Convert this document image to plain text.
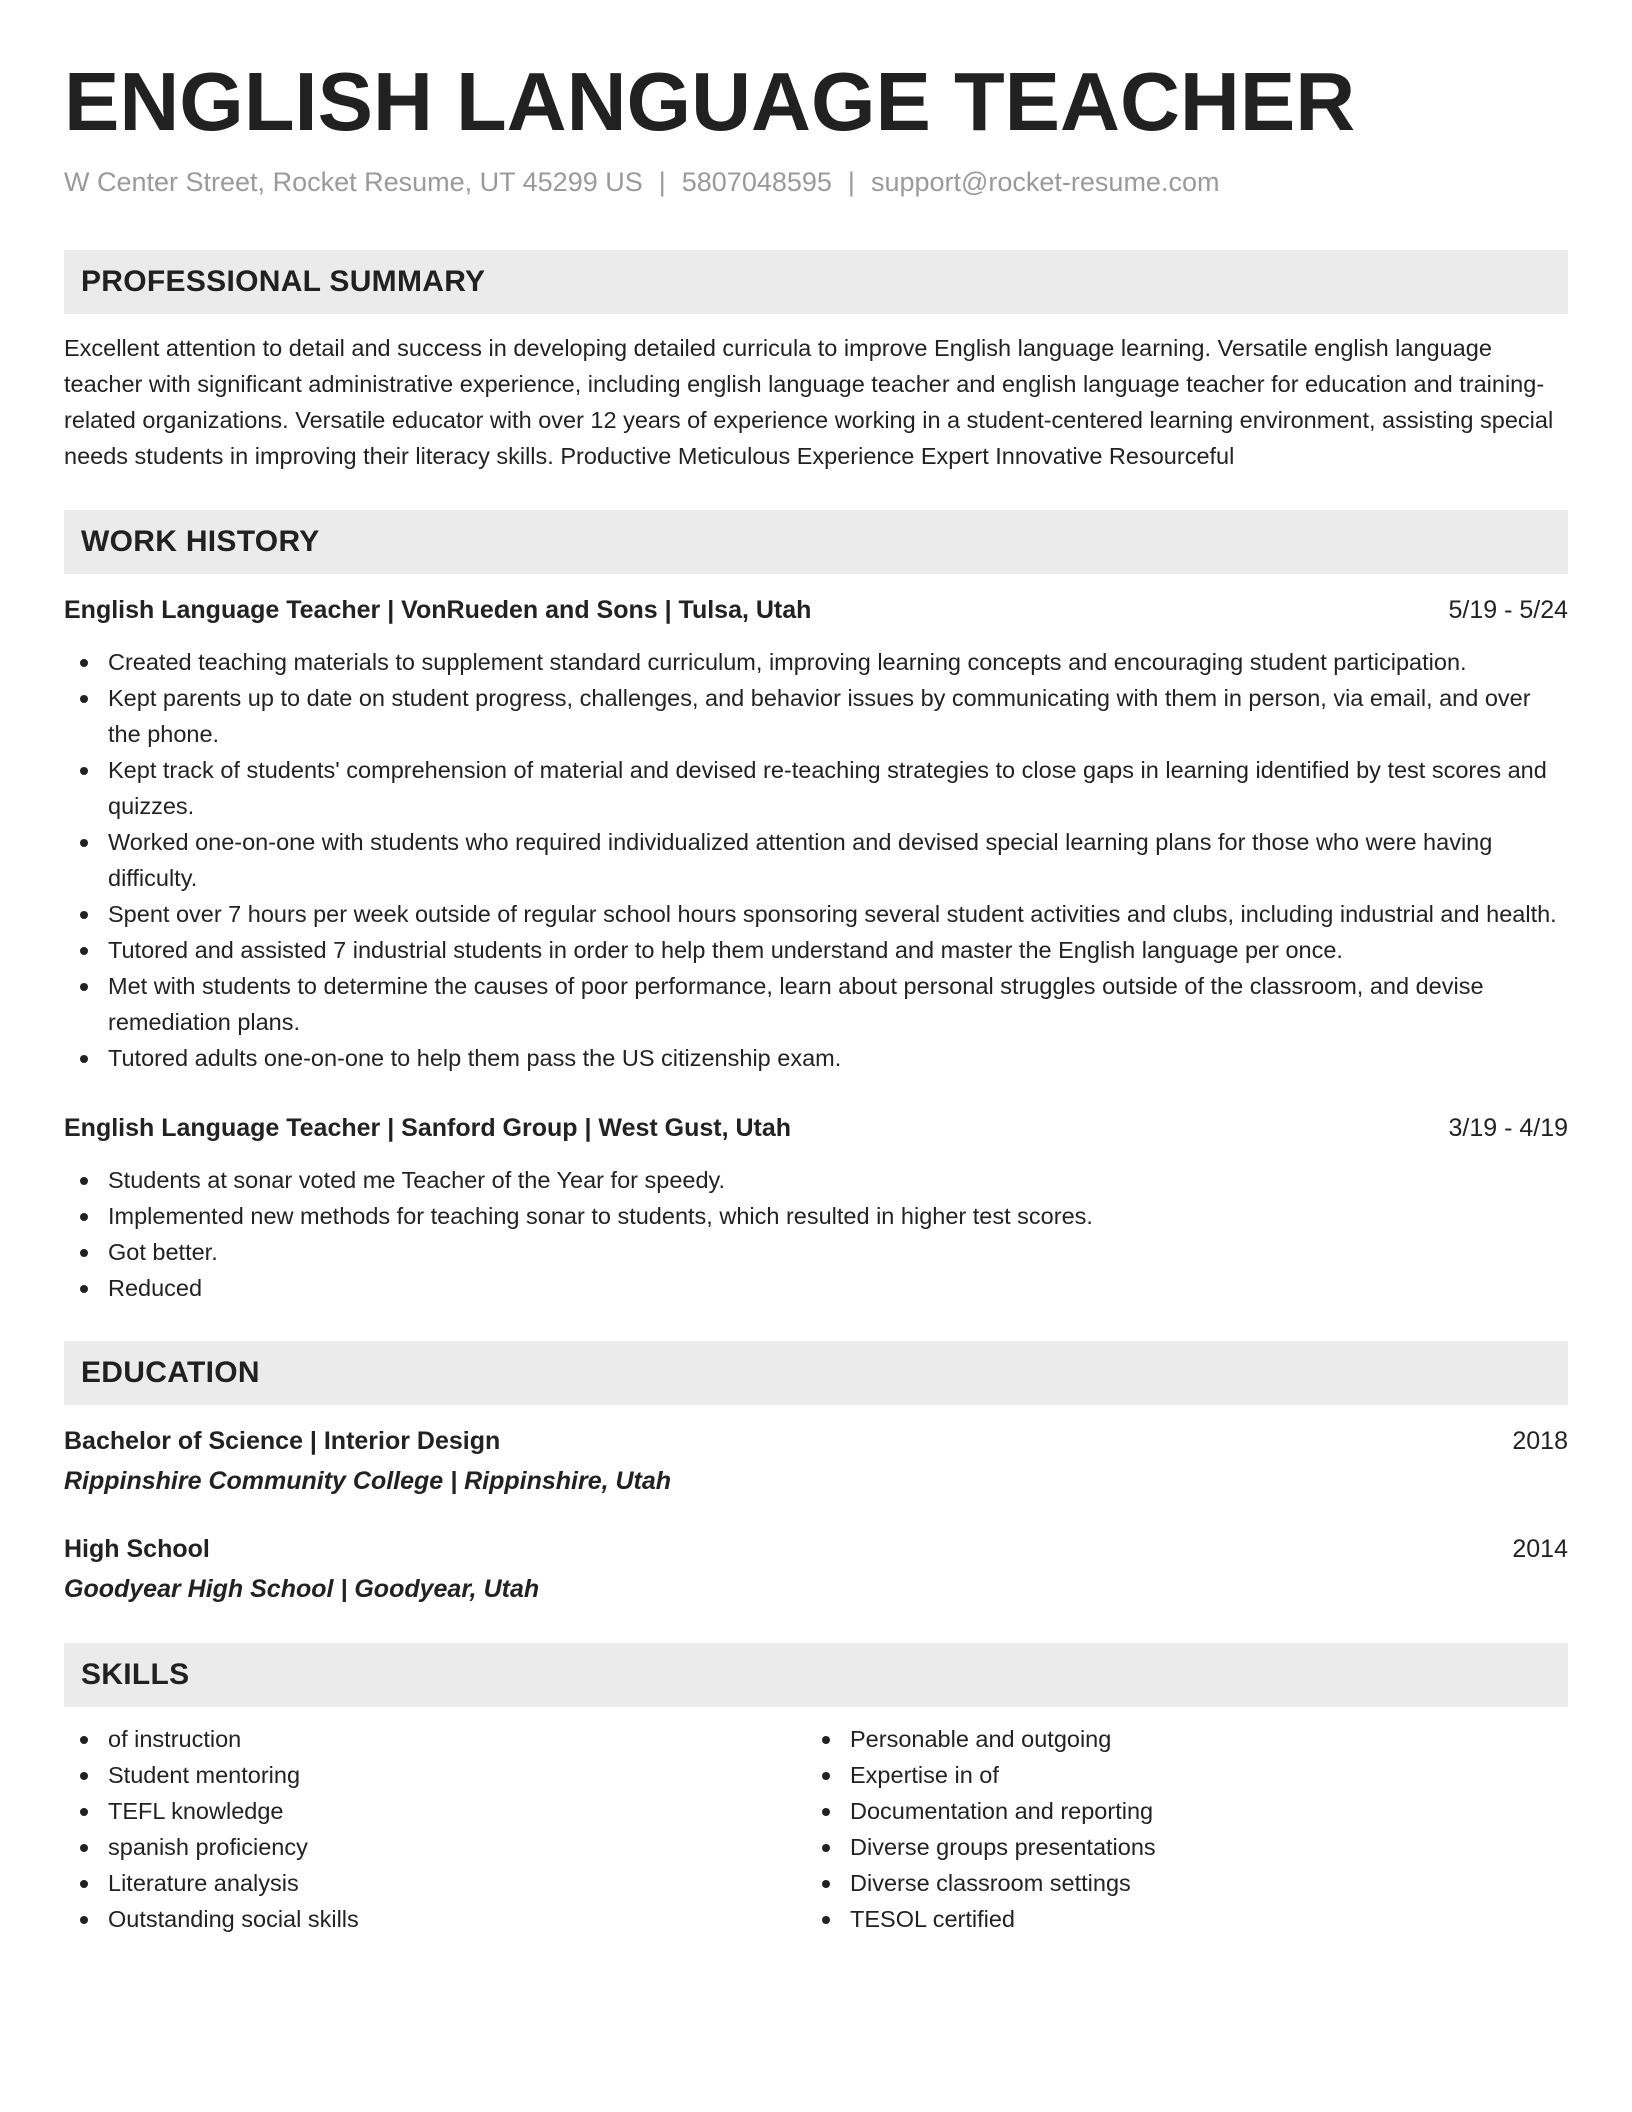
ENGLISH LANGUAGE TEACHER
W Center Street, Rocket Resume, UT 45299 US | 5807048595 | support@rocket-resume.com
PROFESSIONAL SUMMARY
Excellent attention to detail and success in developing detailed curricula to improve English language learning. Versatile english language teacher with significant administrative experience, including english language teacher and english language teacher for education and training-related organizations. Versatile educator with over 12 years of experience working in a student-centered learning environment, assisting special needs students in improving their literacy skills. Productive Meticulous Experience Expert Innovative Resourceful
WORK HISTORY
English Language Teacher | VonRueden and Sons | Tulsa, Utah	5/19 - 5/24
Created teaching materials to supplement standard curriculum, improving learning concepts and encouraging student participation.
Kept parents up to date on student progress, challenges, and behavior issues by communicating with them in person, via email, and over the phone.
Kept track of students' comprehension of material and devised re-teaching strategies to close gaps in learning identified by test scores and quizzes.
Worked one-on-one with students who required individualized attention and devised special learning plans for those who were having difficulty.
Spent over 7 hours per week outside of regular school hours sponsoring several student activities and clubs, including industrial and health.
Tutored and assisted 7 industrial students in order to help them understand and master the English language per once.
Met with students to determine the causes of poor performance, learn about personal struggles outside of the classroom, and devise remediation plans.
Tutored adults one-on-one to help them pass the US citizenship exam.
English Language Teacher | Sanford Group | West Gust, Utah	3/19 - 4/19
Students at sonar voted me Teacher of the Year for speedy.
Implemented new methods for teaching sonar to students, which resulted in higher test scores.
Got better.
Reduced
EDUCATION
Bachelor of Science | Interior Design	2018
Rippinshire Community College | Rippinshire, Utah
High School	2014
Goodyear High School | Goodyear, Utah
SKILLS
of instruction
Student mentoring
TEFL knowledge
spanish proficiency
Literature analysis
Outstanding social skills
Personable and outgoing
Expertise in of
Documentation and reporting
Diverse groups presentations
Diverse classroom settings
TESOL certified
